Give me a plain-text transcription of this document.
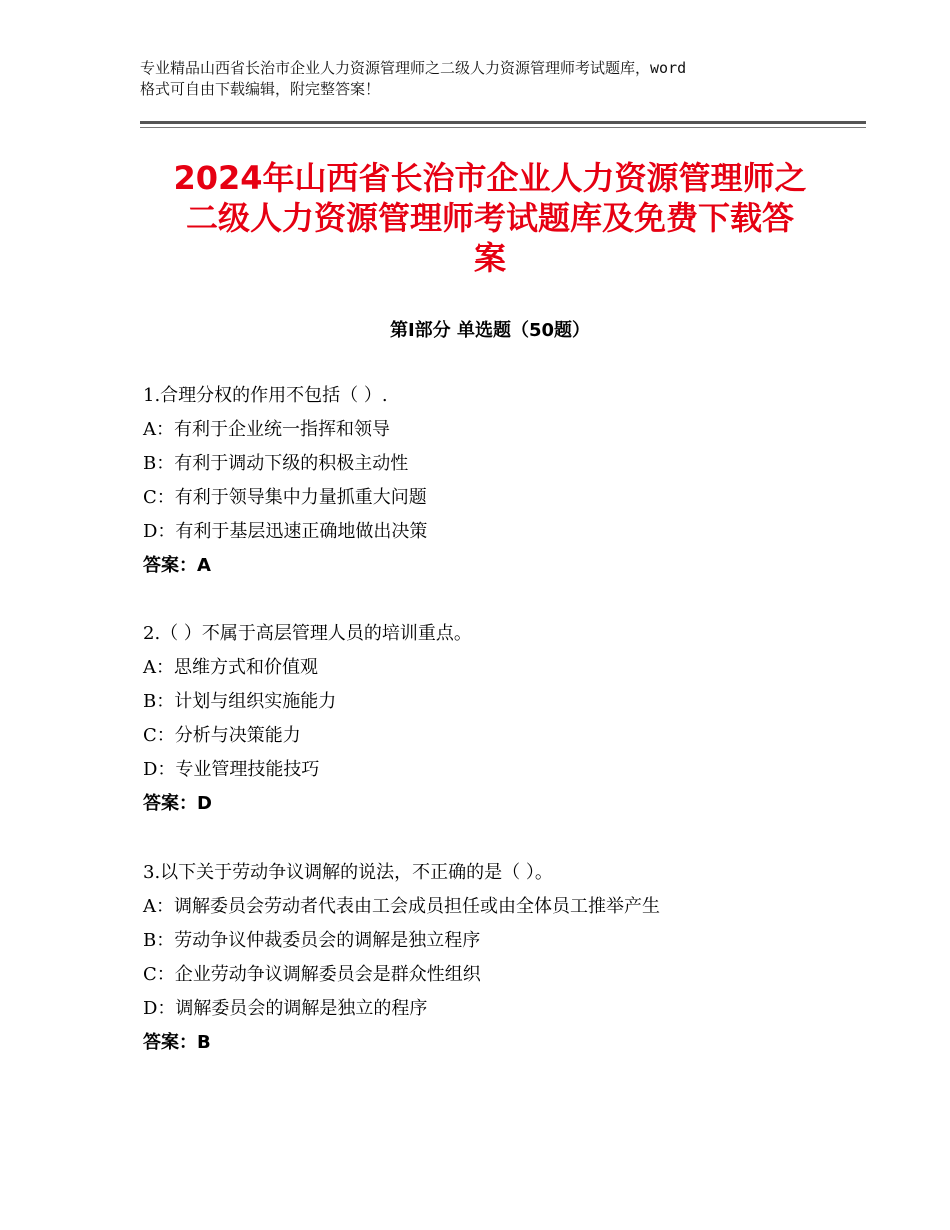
专业精品山西省长治市企业人力资源管理师之二级人力资源管理师考试题库，word
格式可自由下载编辑，附完整答案！
2024年山西省长治市企业人力资源管理师之
二级人力资源管理师考试题库及免费下载答
案
第Ⅰ部分 单选题（50题）
1.合理分权的作用不包括（ ）.
A：有利于企业统一指挥和领导
B：有利于调动下级的积极主动性
C：有利于领导集中力量抓重大问题
D：有利于基层迅速正确地做出决策
答案：A
2.（ ）不属于高层管理人员的培训重点。
A：思维方式和价值观
B：计划与组织实施能力
C：分析与决策能力
D：专业管理技能技巧
答案：D
3.以下关于劳动争议调解的说法，不正确的是（ ）。
A：调解委员会劳动者代表由工会成员担任或由全体员工推举产生
B：劳动争议仲裁委员会的调解是独立程序
C：企业劳动争议调解委员会是群众性组织
D：调解委员会的调解是独立的程序
答案：B
